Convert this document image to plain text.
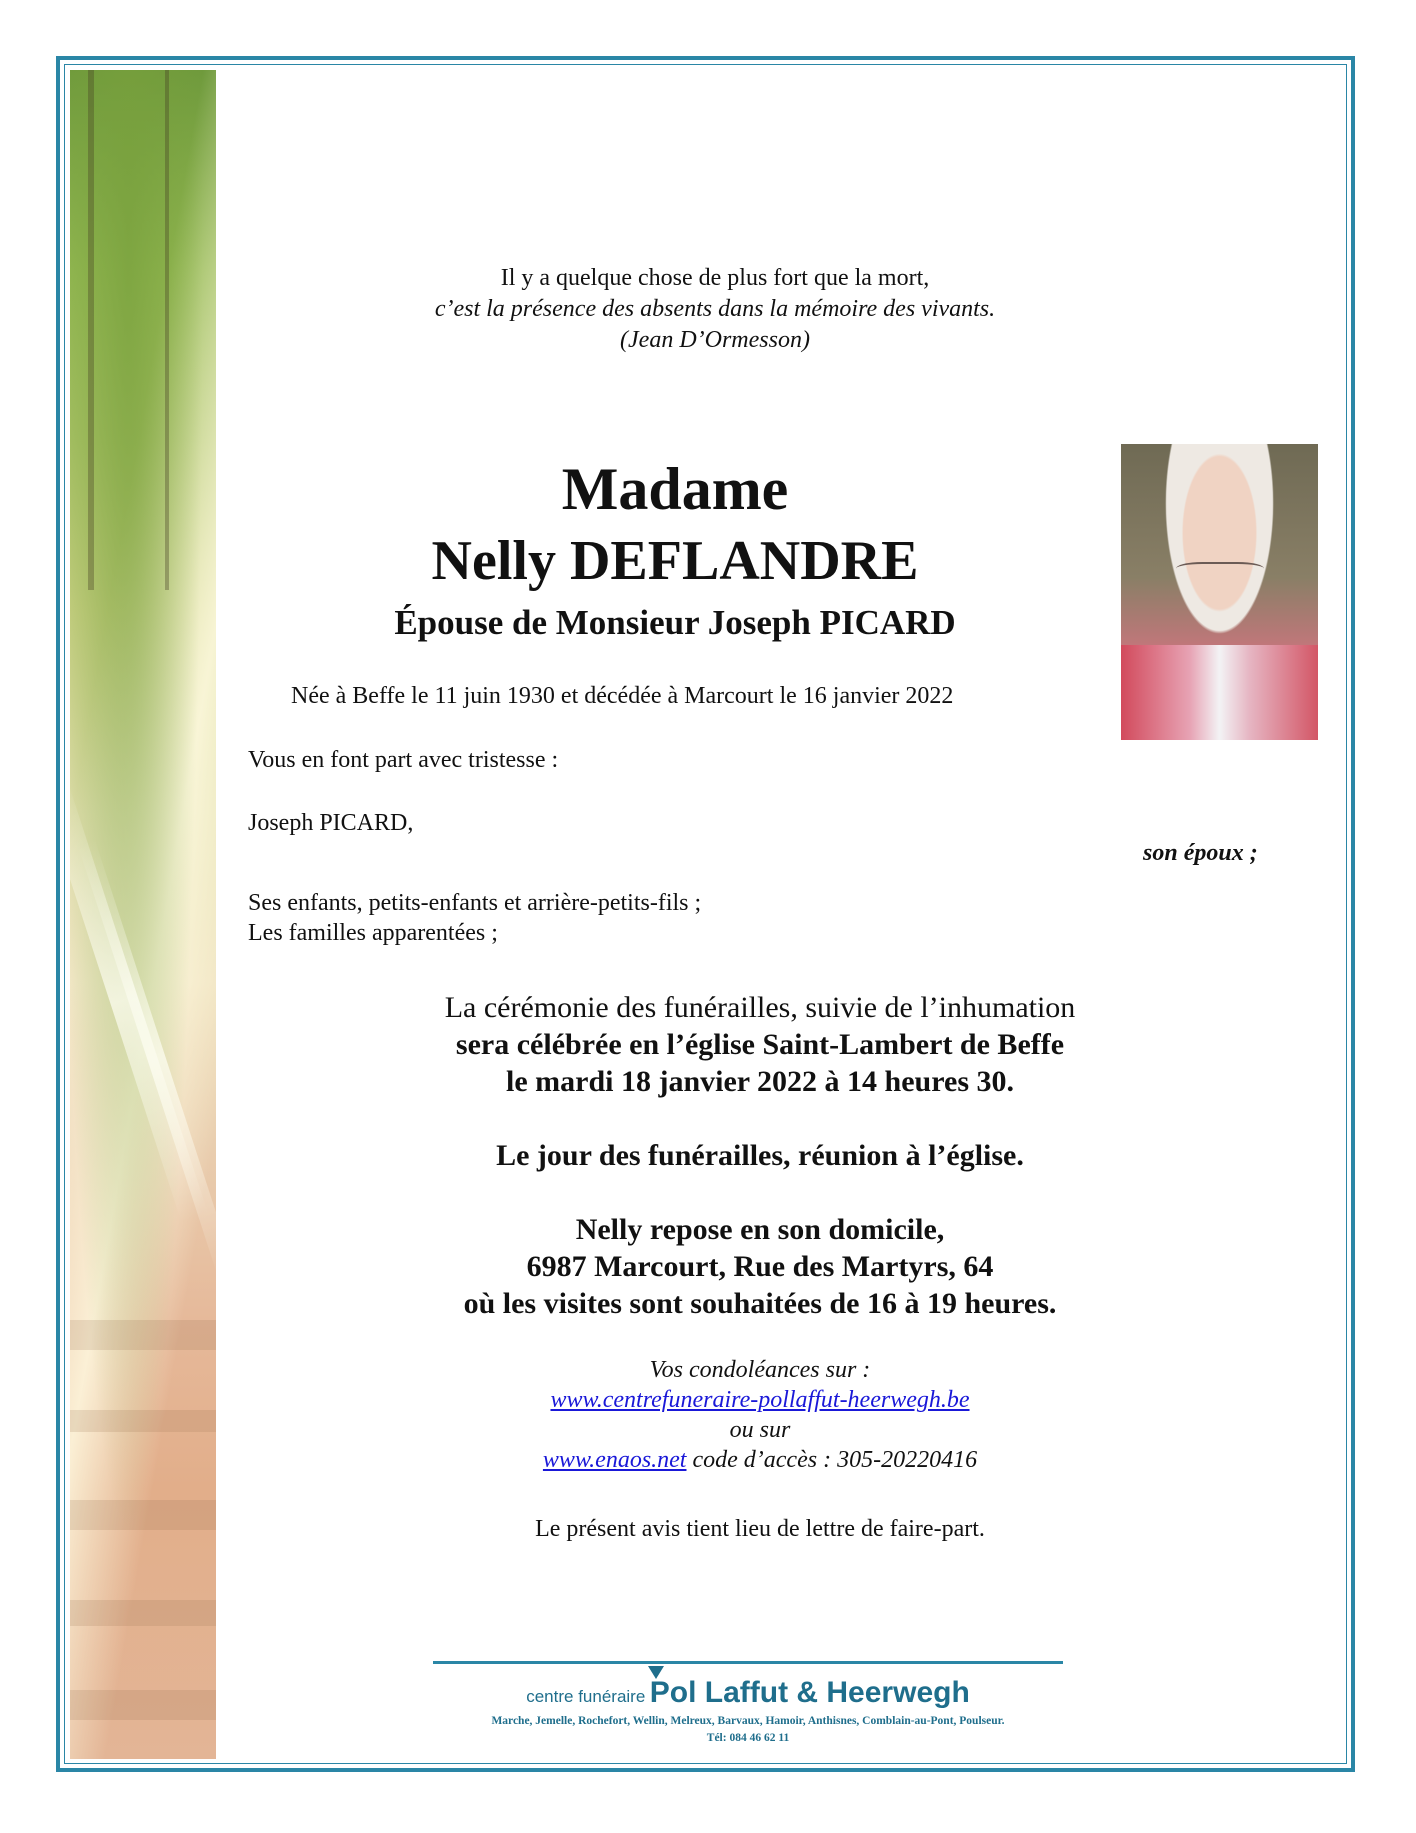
Il y a quelque chose de plus fort que la mort,
c’est la présence des absents dans la mémoire des vivants.
(Jean D’Ormesson)
Madame
Nelly DEFLANDRE
Épouse de Monsieur Joseph PICARD
Née à Beffe le 11 juin 1930 et décédée à Marcourt le 16 janvier 2022
Vous en font part avec tristesse :
Joseph PICARD,
son époux ;
Ses enfants, petits-enfants et arrière-petits-fils ;
Les familles apparentées ;
La cérémonie des funérailles, suivie de l’inhumation
sera célébrée en l’église Saint-Lambert de Beffe
le mardi 18 janvier 2022 à 14 heures 30.
Le jour des funérailles, réunion à l’église.
Nelly repose en son domicile,
6987 Marcourt, Rue des Martyrs, 64
où les visites sont souhaitées de 16 à 19 heures.
Vos condoléances sur :
www.centrefuneraire-pollaffut-heerwegh.be
ou sur
www.enaos.net code d’accès : 305-20220416
Le présent avis tient lieu de lettre de faire-part.
centre funéraire Pol Laffut & Heerwegh
Marche, Jemelle, Rochefort, Wellin, Melreux, Barvaux, Hamoir, Anthisnes, Comblain-au-Pont, Poulseur.
Tél: 084 46 62 11
